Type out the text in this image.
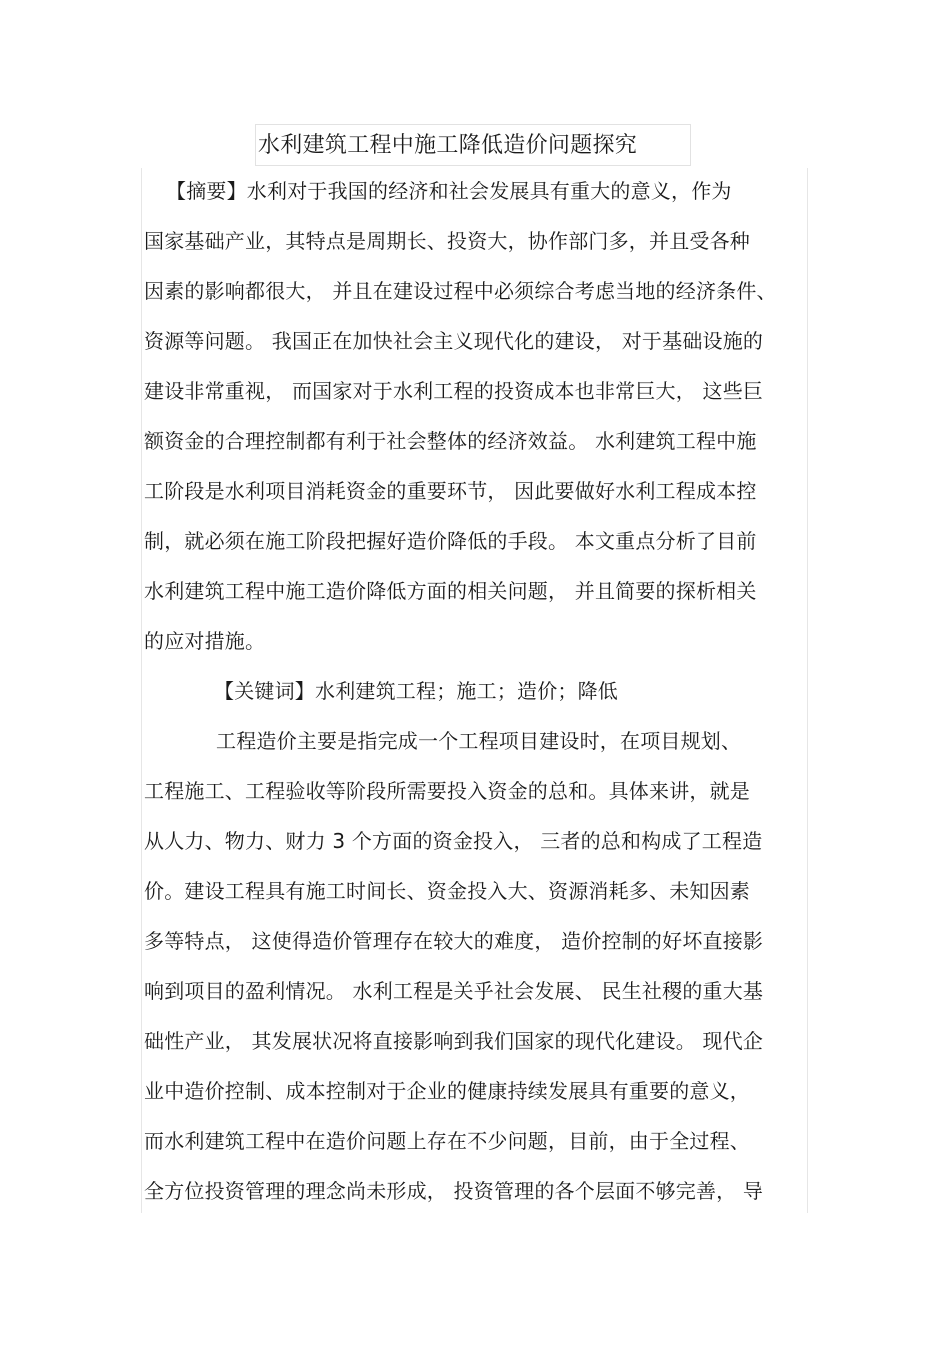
水利建筑工程中施工降低造价问题探究
【摘要】水利对于我国的经济和社会发展具有重大的意义，作为
国家基础产业，其特点是周期长、投资大，协作部门多，并且受各种
因素的影响都很大， 并且在建设过程中必须综合考虑当地的经济条件、
资源等问题。 我国正在加快社会主义现代化的建设， 对于基础设施的
建设非常重视， 而国家对于水利工程的投资成本也非常巨大， 这些巨
额资金的合理控制都有利于社会整体的经济效益。 水利建筑工程中施
工阶段是水利项目消耗资金的重要环节， 因此要做好水利工程成本控
制，就必须在施工阶段把握好造价降低的手段。 本文重点分析了目前
水利建筑工程中施工造价降低方面的相关问题， 并且简要的探析相关
的应对措施。
【关键词】水利建筑工程；施工；造价；降低
工程造价主要是指完成一个工程项目建设时，在项目规划、
工程施工、工程验收等阶段所需要投入资金的总和。具体来讲，就是
从人力、物力、财力 3 个方面的资金投入， 三者的总和构成了工程造
价。建设工程具有施工时间长、资金投入大、资源消耗多、未知因素
多等特点， 这使得造价管理存在较大的难度， 造价控制的好坏直接影
响到项目的盈利情况。 水利工程是关乎社会发展、 民生社稷的重大基
础性产业， 其发展状况将直接影响到我们国家的现代化建设。 现代企
业中造价控制、成本控制对于企业的健康持续发展具有重要的意义，
而水利建筑工程中在造价问题上存在不少问题，目前，由于全过程、
全方位投资管理的理念尚未形成， 投资管理的各个层面不够完善， 导
